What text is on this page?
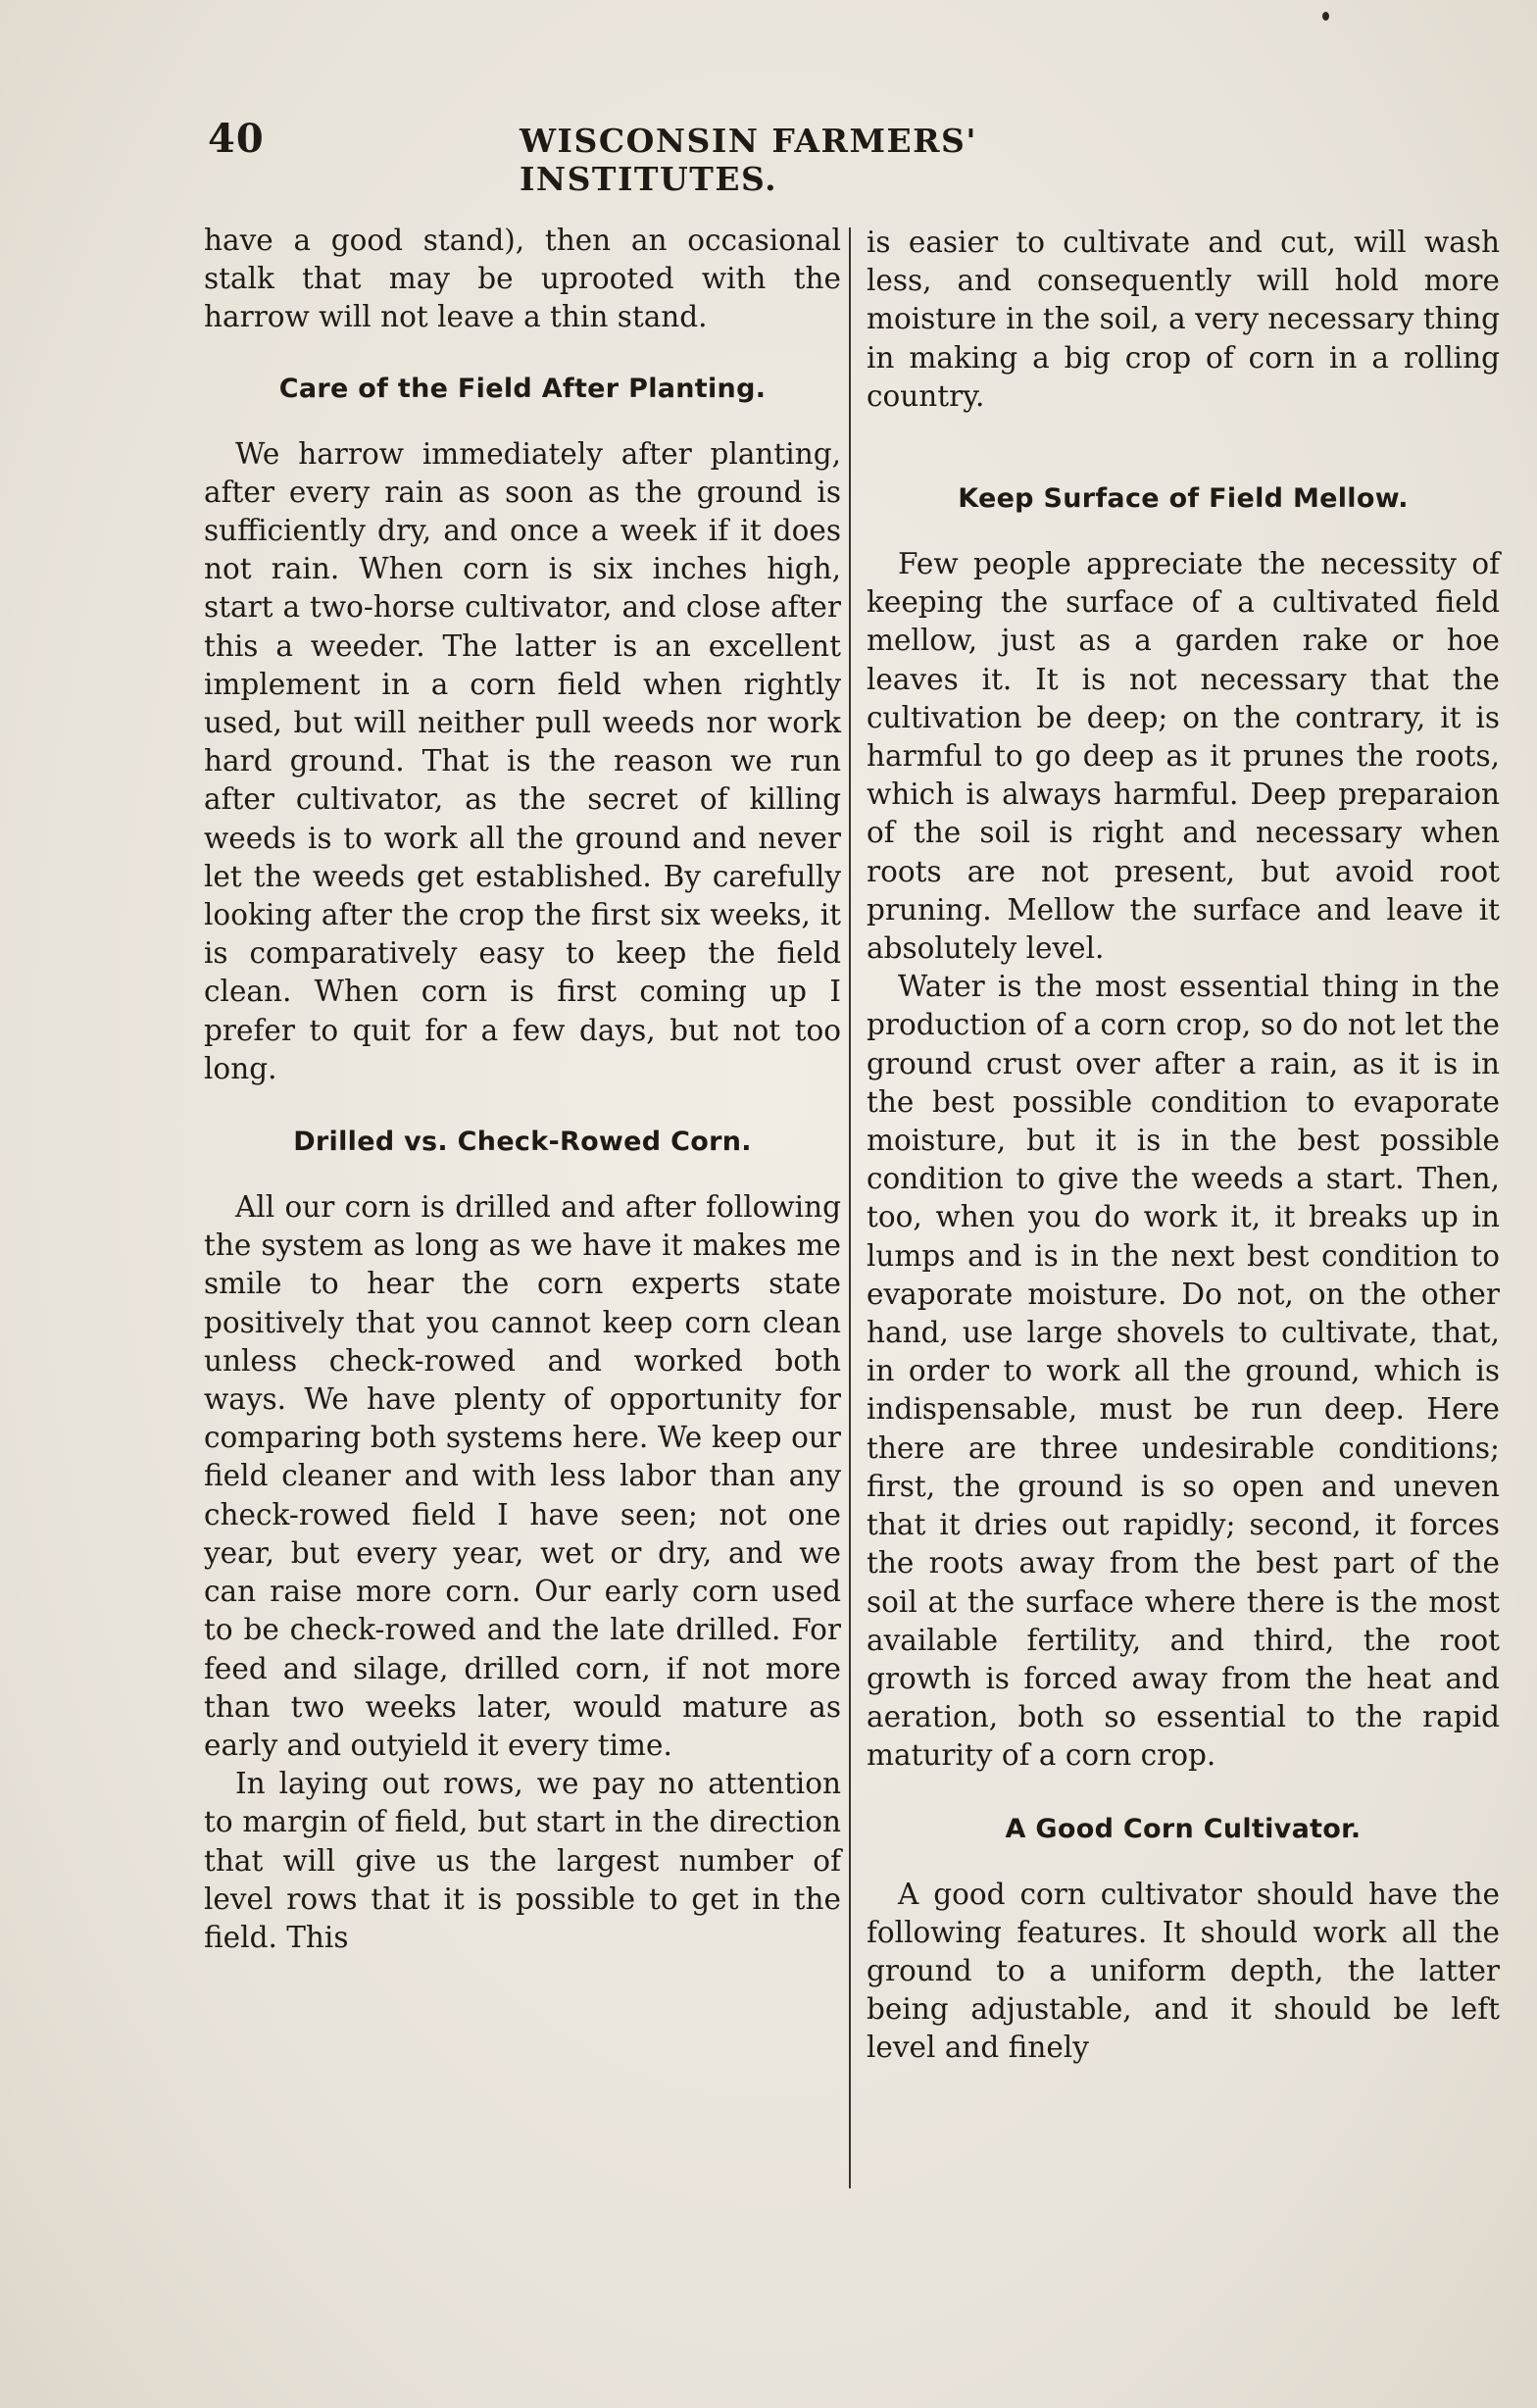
40	WISCONSIN FARMERS' INSTITUTES.

have a good stand), then an occasional stalk that may be uprooted with the harrow will not leave a thin stand.

Care of the Field After Planting.

We harrow immediately after planting, after every rain as soon as the ground is sufficiently dry, and once a week if it does not rain. When corn is six inches high, start a two-horse cultivator, and close after this a weeder. The latter is an excellent implement in a corn field when rightly used, but will neither pull weeds nor work hard ground. That is the reason we run after cultivator, as the secret of killing weeds is to work all the ground and never let the weeds get established. By carefully looking after the crop the first six weeks, it is comparatively easy to keep the field clean. When corn is first coming up I prefer to quit for a few days, but not too long.

Drilled vs. Check-Rowed Corn.

All our corn is drilled and after following the system as long as we have it makes me smile to hear the corn experts state positively that you cannot keep corn clean unless check-rowed and worked both ways. We have plenty of opportunity for comparing both systems here. We keep our field cleaner and with less labor than any check-rowed field I have seen; not one year, but every year, wet or dry, and we can raise more corn. Our early corn used to be check-rowed and the late drilled. For feed and silage, drilled corn, if not more than two weeks later, would mature as early and outyield it every time.

In laying out rows, we pay no attention to margin of field, but start in the direction that will give us the largest number of level rows that it is possible to get in the field. This

is easier to cultivate and cut, will wash less, and consequently will hold more moisture in the soil, a very necessary thing in making a big crop of corn in a rolling country.

Keep Surface of Field Mellow.

Few people appreciate the necessity of keeping the surface of a cultivated field mellow, just as a garden rake or hoe leaves it. It is not necessary that the cultivation be deep; on the contrary, it is harmful to go deep as it prunes the roots, which is always harmful. Deep preparaion of the soil is right and necessary when roots are not present, but avoid root pruning. Mellow the surface and leave it absolutely level.

Water is the most essential thing in the production of a corn crop, so do not let the ground crust over after a rain, as it is in the best possible condition to evaporate moisture, but it is in the best possible condition to give the weeds a start. Then, too, when you do work it, it breaks up in lumps and is in the next best condition to evaporate moisture. Do not, on the other hand, use large shovels to cultivate, that, in order to work all the ground, which is indispensable, must be run deep. Here there are three undesirable conditions; first, the ground is so open and uneven that it dries out rapidly; second, it forces the roots away from the best part of the soil at the surface where there is the most available fertility, and third, the root growth is forced away from the heat and aeration, both so essential to the rapid maturity of a corn crop.

A Good Corn Cultivator.

A good corn cultivator should have the following features. It should work all the ground to a uniform depth, the latter being adjustable, and it should be left level and finely
